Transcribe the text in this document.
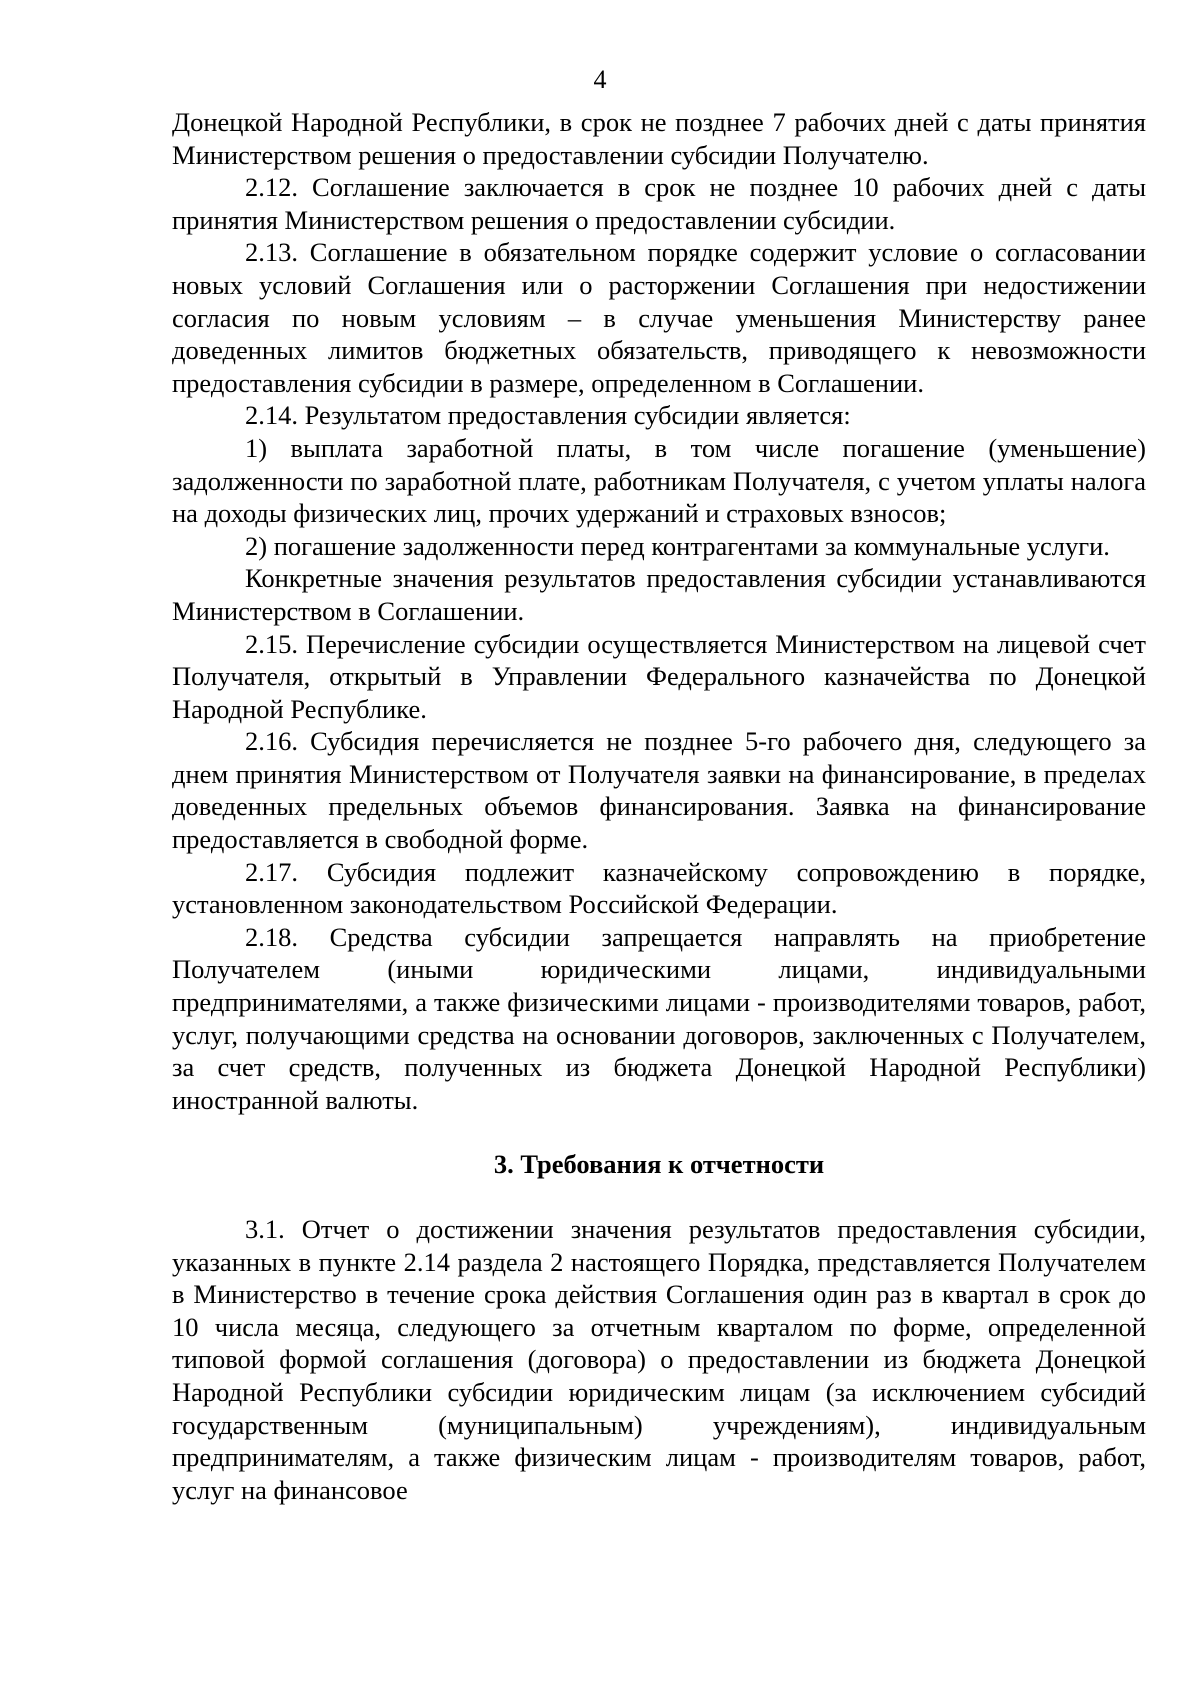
4

Донецкой Народной Республики, в срок не позднее 7 рабочих дней с даты принятия Министерством решения о предоставлении субсидии Получателю.

2.12. Соглашение заключается в срок не позднее 10 рабочих дней с даты принятия Министерством решения о предоставлении субсидии.

2.13. Соглашение в обязательном порядке содержит условие о согласовании новых условий Соглашения или о расторжении Соглашения при недостижении согласия по новым условиям – в случае уменьшения Министерству ранее доведенных лимитов бюджетных обязательств, приводящего к невозможности предоставления субсидии в размере, определенном в Соглашении.

2.14. Результатом предоставления субсидии является:

1) выплата заработной платы, в том числе погашение (уменьшение) задолженности по заработной плате, работникам Получателя, с учетом уплаты налога на доходы физических лиц, прочих удержаний и страховых взносов;

2) погашение задолженности перед контрагентами за коммунальные услуги.

Конкретные значения результатов предоставления субсидии устанавливаются Министерством в Соглашении.

2.15. Перечисление субсидии осуществляется Министерством на лицевой счет Получателя, открытый в Управлении Федерального казначейства по Донецкой Народной Республике.

2.16. Субсидия перечисляется не позднее 5-го рабочего дня, следующего за днем принятия Министерством от Получателя заявки на финансирование, в пределах доведенных предельных объемов финансирования. Заявка на финансирование предоставляется в свободной форме.

2.17. Субсидия подлежит казначейскому сопровождению в порядке, установленном законодательством Российской Федерации.

2.18. Средства субсидии запрещается направлять на приобретение Получателем (иными юридическими лицами, индивидуальными предпринимателями, а также физическими лицами - производителями товаров, работ, услуг, получающими средства на основании договоров, заключенных с Получателем, за счет средств, полученных из бюджета Донецкой Народной Республики) иностранной валюты.

3. Требования к отчетности

3.1. Отчет о достижении значения результатов предоставления субсидии, указанных в пункте 2.14 раздела 2 настоящего Порядка, представляется Получателем в Министерство в течение срока действия Соглашения один раз в квартал в срок до 10 числа месяца, следующего за отчетным кварталом по форме, определенной типовой формой соглашения (договора) о предоставлении из бюджета Донецкой Народной Республики субсидии юридическим лицам (за исключением субсидий государственным (муниципальным) учреждениям), индивидуальным предпринимателям, а также физическим лицам - производителям товаров, работ, услуг на финансовое
